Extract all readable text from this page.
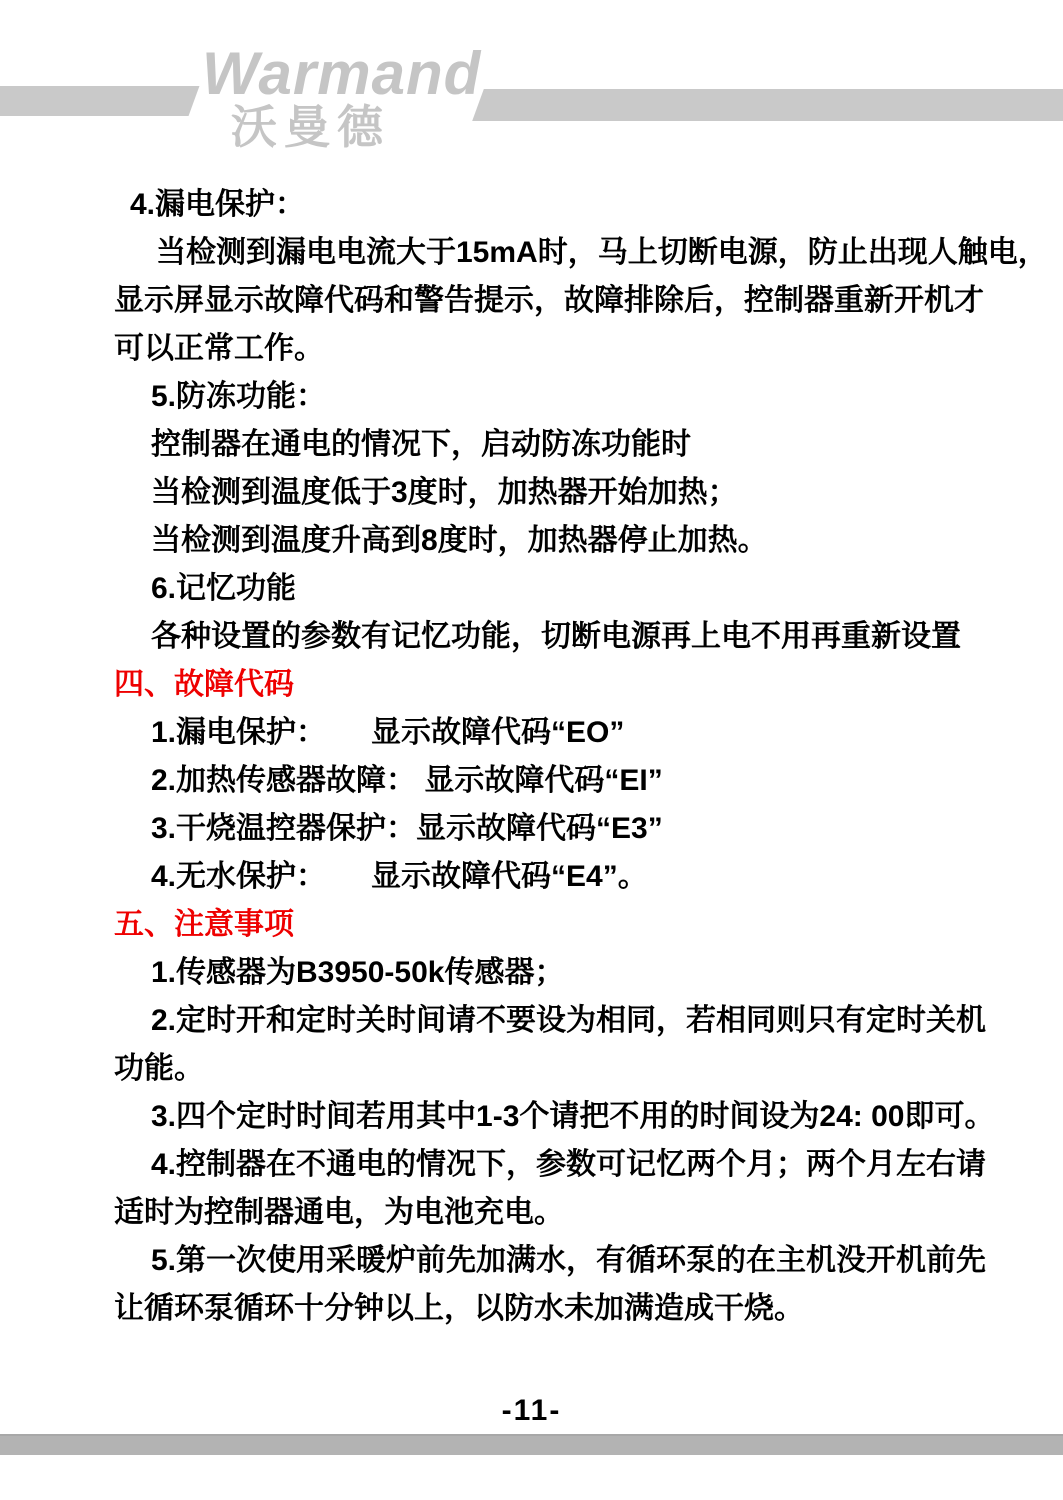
Warmand
沃曼德
4.漏电保护：
当检测到漏电电流大于15mA时，马上切断电源，防止出现人触电，
显示屏显示故障代码和警告提示，故障排除后，控制器重新开机才
可以正常工作。
5.防冻功能：
控制器在通电的情况下，启动防冻功能时
当检测到温度低于3度时，加热器开始加热；
当检测到温度升高到8度时，加热器停止加热。
6.记忆功能
各种设置的参数有记忆功能，切断电源再上电不用再重新设置
四、故障代码
1.漏电保护：　　显示故障代码“EO”
2.加热传感器故障： 显示故障代码“EI”
3.干烧温控器保护：显示故障代码“E3”
4.无水保护：　　显示故障代码“E4”。
五、注意事项
1.传感器为B3950-50k传感器；
2.定时开和定时关时间请不要设为相同，若相同则只有定时关机
功能。
3.四个定时时间若用其中1-3个请把不用的时间设为24: 00即可。
4.控制器在不通电的情况下，参数可记忆两个月；两个月左右请
适时为控制器通电，为电池充电。
5.第一次使用采暖炉前先加满水，有循环泵的在主机没开机前先
让循环泵循环十分钟以上，以防水未加满造成干烧。
-11-
